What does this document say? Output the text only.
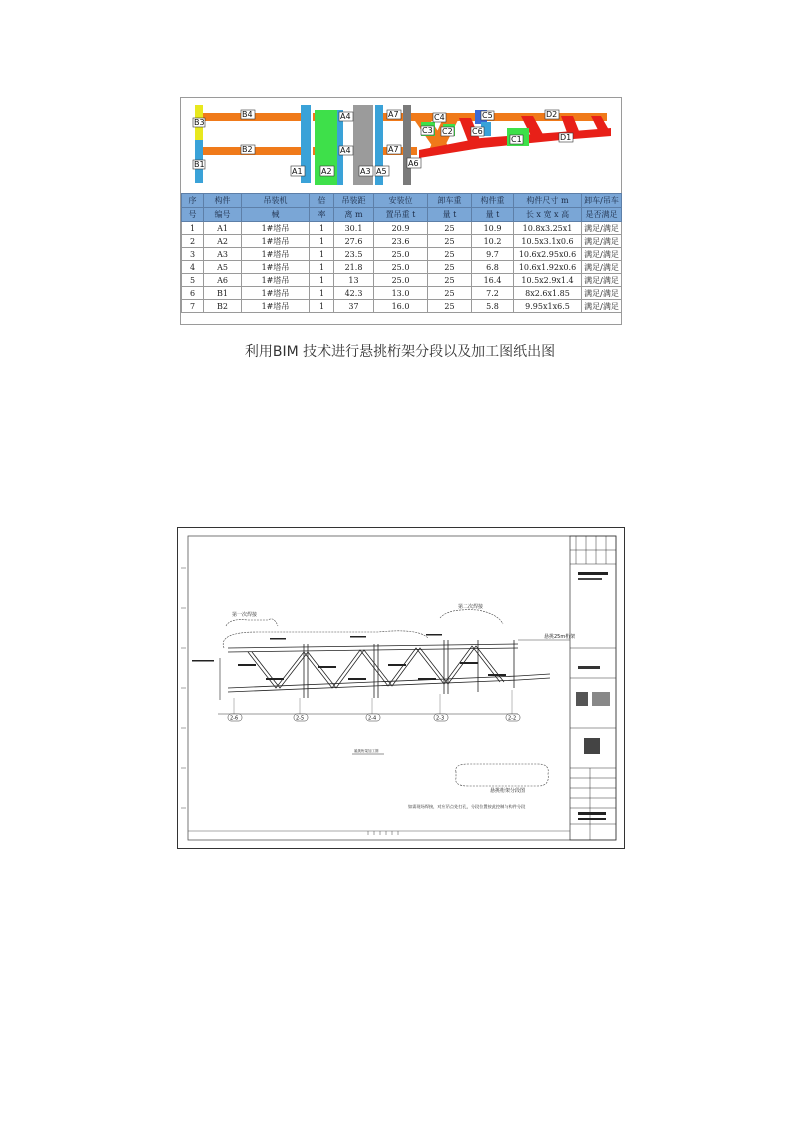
B3
B4
B2
B1
A4
A4
A7
A7
A1 A2	A3 A5
A6
C4	C5
C3 C2 C6
C1
D2
D1
序	构件	吊装机	倍	吊装距	安装位	卸车重	构件重	构件尺寸 m	卸车/吊车
号	编号	械	率	离 m	置吊重 t	量 t	量 t	长 x 宽 x 高	是否满足
1	A1	1#塔吊	1	30.1	20.9	25	10.9	10.8x3.25x1	满足/满足
2	A2	1#塔吊	1	27.6	23.6	25	10.2	10.5x3.1x0.6	满足/满足
3	A3	1#塔吊	1	23.5	25.0	25	9.7	10.6x2.95x0.6	满足/满足
4	A5	1#塔吊	1	21.8	25.0	25	6.8	10.6x1.92x0.6	满足/满足
5	A6	1#塔吊	1	13	25.0	25	16.4	10.5x2.9x1.4	满足/满足
6	B1	1#塔吊	1	42.3	13.0	25	7.2	8x2.6x1.85	满足/满足
7	B2	1#塔吊	1	37	16.0	25	5.8	9.95x1x6.5	满足/满足
利用BIM 技术进行悬挑桁架分段以及加工图纸出图
第一次焊接
第二次焊接
悬挑25m桁架
2-6	2-5	2-4	2-3	2-2
悬挑桁架加工图
悬挑桁架分段图
如需现场焊接，对应吊点处打孔，分段位置按此控制与构件分段
